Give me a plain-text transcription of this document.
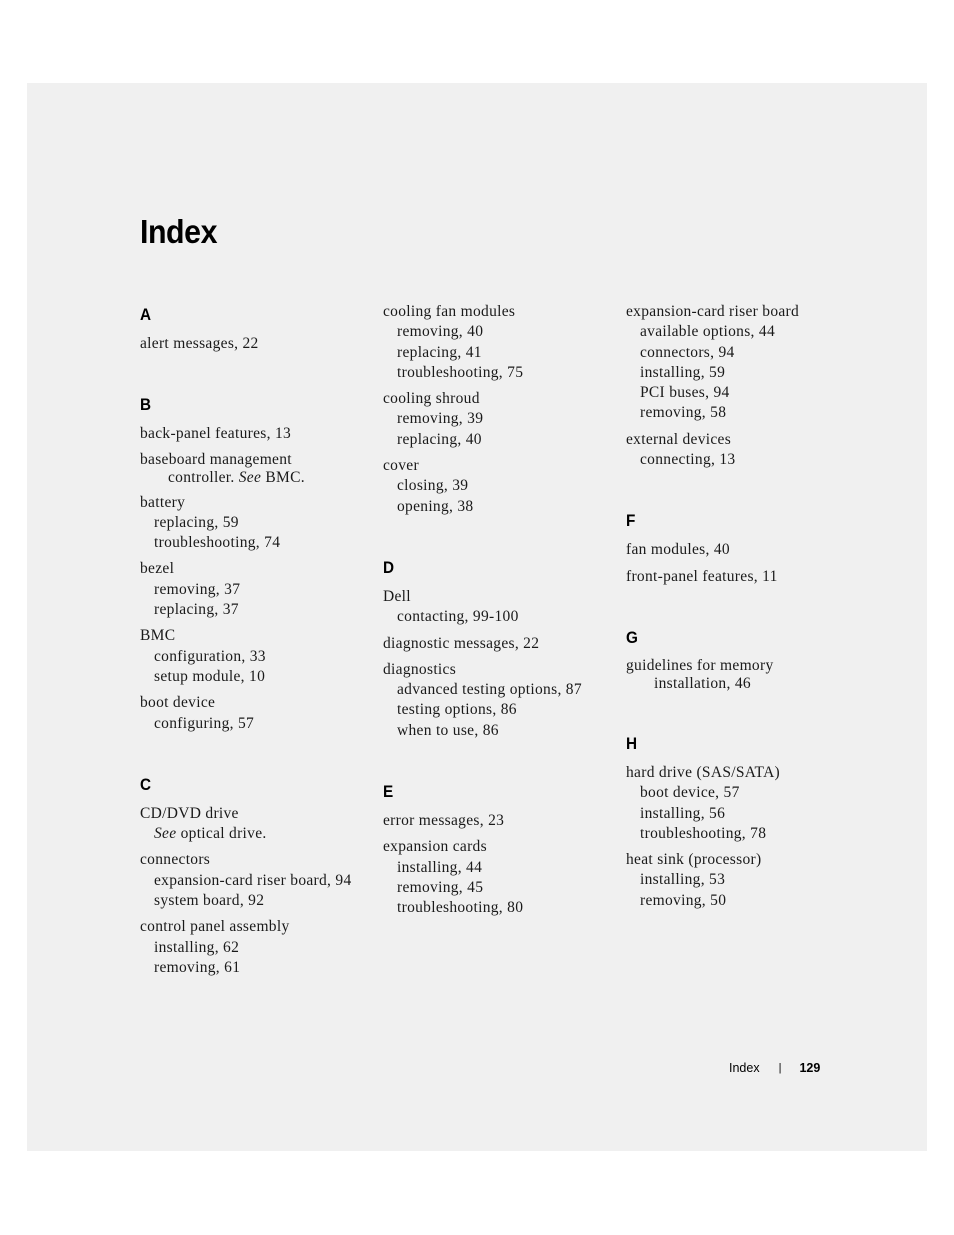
Index
A
alert messages, 22
B
back-panel features, 13
baseboard management
controller. See BMC.
battery
replacing, 59
troubleshooting, 74
bezel
removing, 37
replacing, 37
BMC
configuration, 33
setup module, 10
boot device
configuring, 57
C
CD/DVD drive
See optical drive.
connectors
expansion-card riser board, 94
system board, 92
control panel assembly
installing, 62
removing, 61
cooling fan modules
removing, 40
replacing, 41
troubleshooting, 75
cooling shroud
removing, 39
replacing, 40
cover
closing, 39
opening, 38
D
Dell
contacting, 99-100
diagnostic messages, 22
diagnostics
advanced testing options, 87
testing options, 86
when to use, 86
E
error messages, 23
expansion cards
installing, 44
removing, 45
troubleshooting, 80
expansion-card riser board
available options, 44
connectors, 94
installing, 59
PCI buses, 94
removing, 58
external devices
connecting, 13
F
fan modules, 40
front-panel features, 11
G
guidelines for memory
installation, 46
H
hard drive (SAS/SATA)
boot device, 57
installing, 56
troubleshooting, 78
heat sink (processor)
installing, 53
removing, 50
Index | 129
